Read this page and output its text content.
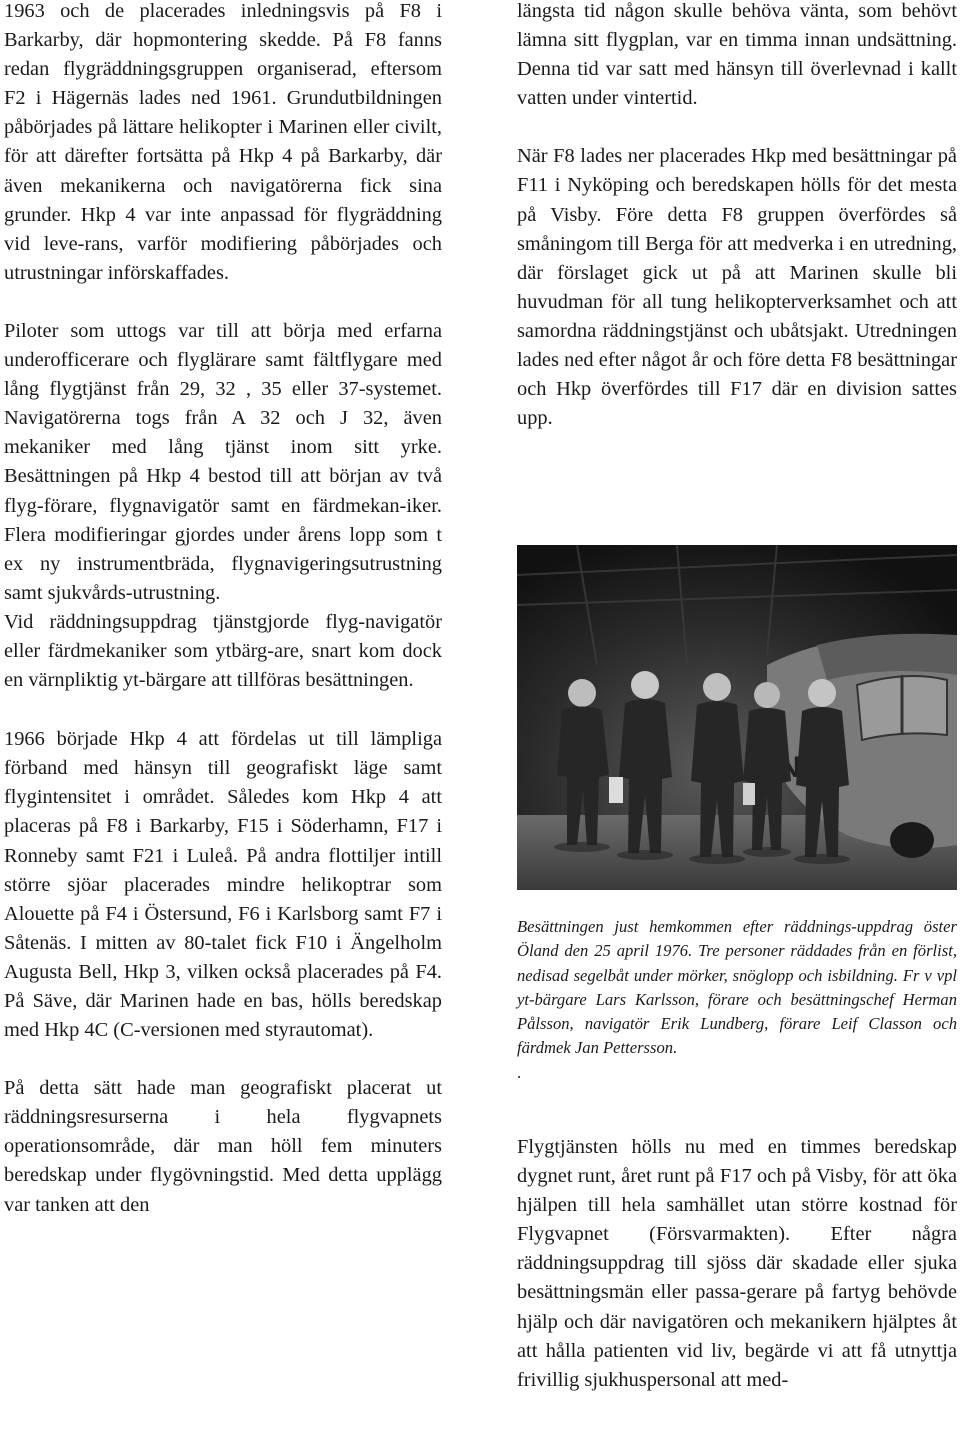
1963 och de placerades inledningsvis på F8 i Barkarby, där hopmontering skedde. På F8 fanns redan flygräddningsgruppen organiserad, eftersom F2 i Hägernäs lades ned 1961. Grundutbildningen påbörjades på lättare helikopter i Marinen eller civilt, för att därefter fortsätta på Hkp 4 på Barkarby, där även mekanikerna och navigatörerna fick sina grunder. Hkp 4 var inte anpassad för flygräddning vid leve-rans, varför modifiering påbörjades och utrustningar införskaffades.

Piloter som uttogs var till att börja med erfarna underofficerare och flyglärare samt fältflygare med lång flygtjänst från 29, 32 , 35 eller 37-systemet. Navigatörerna togs från A 32 och J 32, även mekaniker med lång tjänst inom sitt yrke. Besättningen på Hkp 4 bestod till att början av två flyg-förare, flygnavigatör samt en färdmekan-iker. Flera modifieringar gjordes under årens lopp som t ex ny instrumentbräda, flygnavigeringsutrustning samt sjukvårds-utrustning.

Vid räddningsuppdrag tjänstgjorde flyg-navigatör eller färdmekaniker som ytbärg-are, snart kom dock en värnpliktig yt-bärgare att tillföras besättningen.

1966 började Hkp 4 att fördelas ut till lämpliga förband med hänsyn till geografiskt läge samt flygintensitet i området. Således kom Hkp 4 att placeras på F8 i Barkarby, F15 i Söderhamn, F17 i Ronneby samt F21 i Luleå. På andra flottiljer intill större sjöar placerades mindre helikoptrar som Alouette på F4 i Östersund, F6 i Karlsborg samt F7 i Såtenäs. I mitten av 80-talet fick F10 i Ängelholm Augusta Bell, Hkp 3, vilken också placerades på F4. På Säve, där Marinen hade en bas, hölls beredskap med Hkp 4C (C-versionen med styrautomat).

På detta sätt hade man geografiskt placerat ut räddningsresurserna i hela flygvapnets operationsområde, där man höll fem minuters beredskap under flygövningstid. Med detta upplägg var tanken att den

längsta tid någon skulle behöva vänta, som behövt lämna sitt flygplan, var en timma innan undsättning. Denna tid var satt med hänsyn till överlevnad i kallt vatten under vintertid.

När F8 lades ner placerades Hkp med besättningar på F11 i Nyköping och beredskapen hölls för det mesta på Visby. Före detta F8 gruppen överfördes så småningom till Berga för att medverka i en utredning, där förslaget gick ut på att Marinen skulle bli huvudman för all tung helikopterverksamhet och att samordna räddningstjänst och ubåtsjakt. Utredningen lades ned efter något år och före detta F8 besättningar och Hkp överfördes till F17 där en division sattes upp.

Besättningen just hemkommen efter räddnings-uppdrag öster Öland den 25 april 1976. Tre personer räddades från en förlist, nedisad segelbåt under mörker, snöglopp och isbildning. Fr v vpl yt-bärgare Lars Karlsson, förare och besättningschef Herman Pålsson, navigatör Erik Lundberg, förare Leif Classon och färdmek Jan Pettersson.
.

Flygtjänsten hölls nu med en timmes beredskap dygnet runt, året runt på F17 och på Visby, för att öka hjälpen till hela samhället utan större kostnad för Flygvapnet (Försvarmakten). Efter några räddningsuppdrag till sjöss där skadade eller sjuka besättningsmän eller passa-gerare på fartyg behövde hjälp och där navigatören och mekanikern hjälptes åt att hålla patienten vid liv, begärde vi att få utnyttja frivillig sjukhuspersonal att med-
